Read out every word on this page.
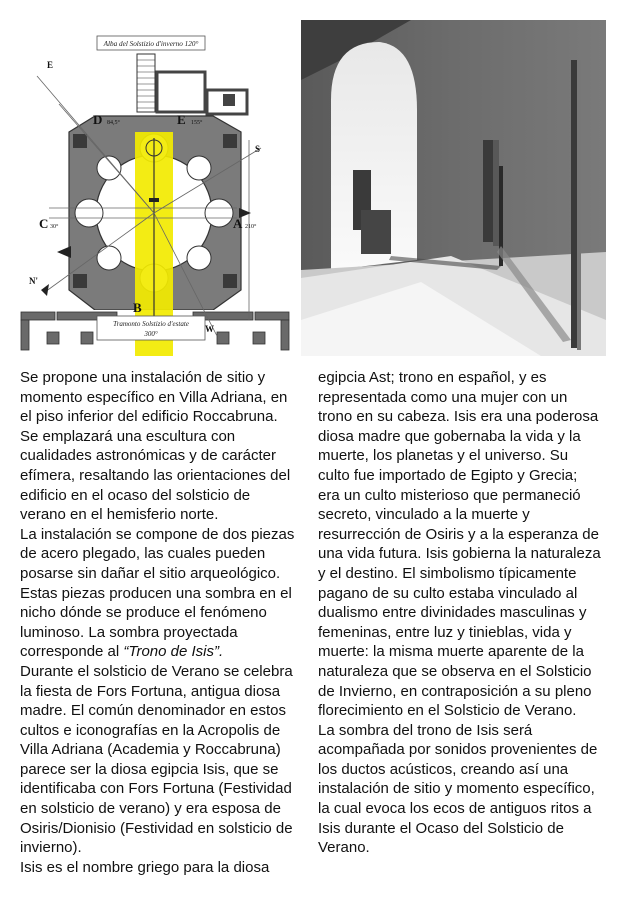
Alba del Solstizio d'inverno 120°
E
D 84,5°	E 155°
S
C 30°	A 210°
N'
B
W
Tramonto Solstizio d'estate
300°

Se propone una instalación de sitio y momento específico en Villa Adriana, en el piso inferior del edificio Roccabruna. Se emplazará una escultura con cualidades astronómicas y de carácter efímera, resaltando las orientaciones del edificio en el ocaso del solsticio de verano en el hemisferio norte.

La instalación se compone de dos piezas de acero plegado, las cuales pueden posarse sin dañar el sitio arqueológico. Estas piezas producen una sombra en el nicho dónde se produce el fenómeno luminoso. La sombra proyectada corresponde al “Trono de Isis”.

Durante el solsticio de Verano se celebra la fiesta de Fors Fortuna, antigua diosa madre. El común denominador en estos cultos e iconografías en la Acropolis de Villa Adriana (Academia y Roccabruna) parece ser la diosa egipcia Isis, que se identificaba con Fors Fortuna (Festividad en solsticio de verano) y era esposa de Osiris/Dionisio (Festividad en solsticio de invierno).

Isis es el nombre griego para la diosa

egipcia Ast; trono en español, y es representada como una mujer con un trono en su cabeza. Isis era una poderosa diosa madre que gobernaba la vida y la muerte, los planetas y el universo. Su culto fue importado de Egipto y Grecia; era un culto misterioso que permaneció secreto, vinculado a la muerte y resurrección de Osiris y a la esperanza de una vida futura. Isis gobierna la naturaleza y el destino. El simbolismo típicamente pagano de su culto estaba vinculado al dualismo entre divinidades masculinas y femeninas, entre luz y tinieblas, vida y muerte: la misma muerte aparente de la naturaleza que se observa en el Solsticio de Invierno, en contraposición a su pleno florecimiento en el Solsticio de Verano.

La sombra del trono de Isis será acompañada por sonidos provenientes de los ductos acústicos, creando así una instalación de sitio y momento específico, la cual evoca los ecos de antiguos ritos a Isis durante el Ocaso del Solsticio de Verano.
